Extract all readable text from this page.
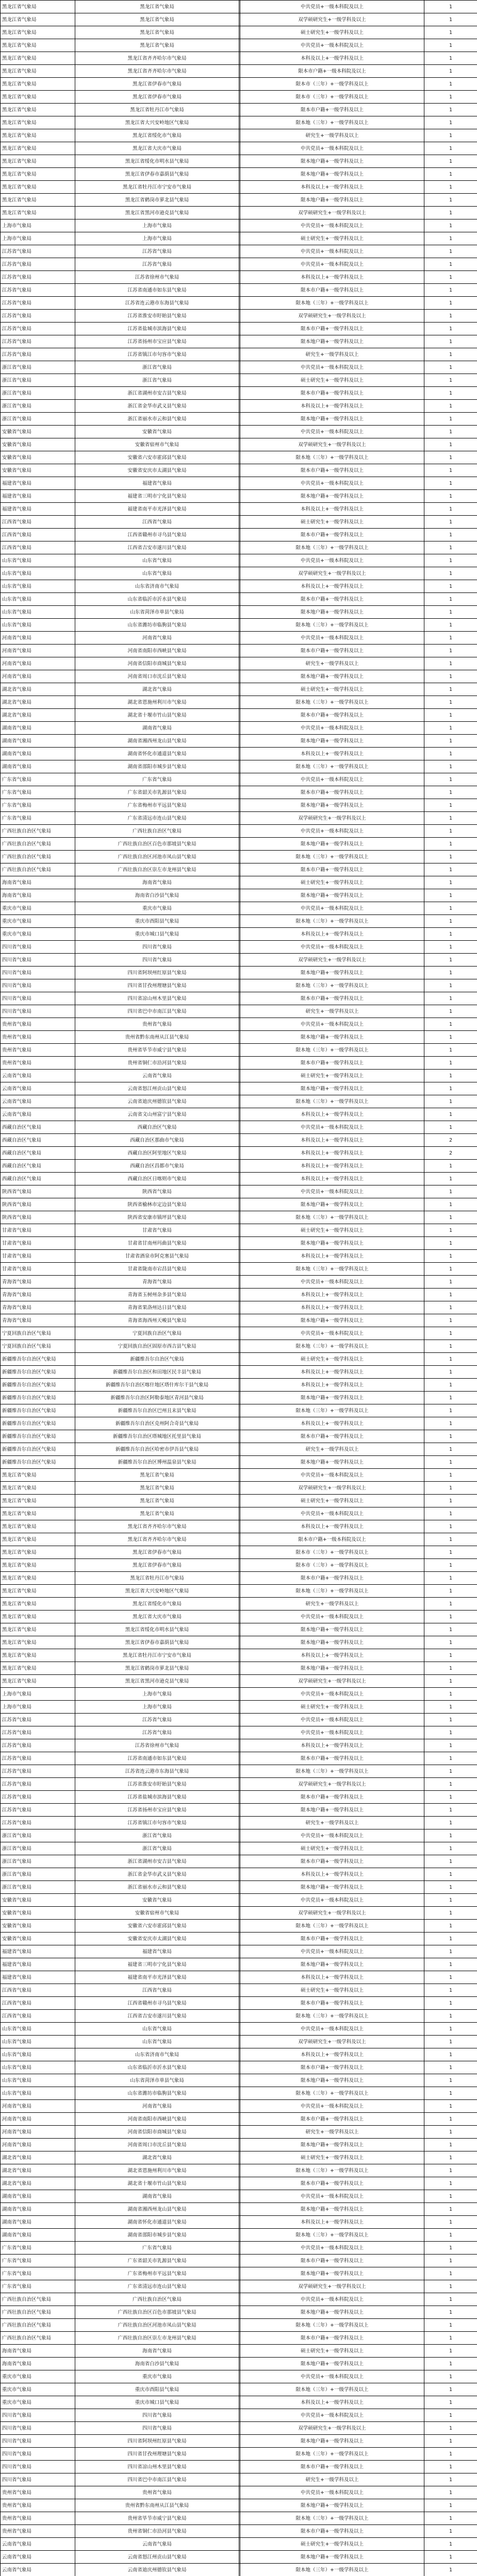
黑龙江省气象局	黑龙江省气象局		中共党员+一级本科院及以上	1
黑龙江省气象局	黑龙江省气象局		双学硕研究生+一级学科及以上	1
黑龙江省气象局	黑龙江省气象局		硕士研究生+一级学科及以上	1
黑龙江省气象局	黑龙江省气象局		中共党员+一级本科院及以上	1
黑龙江省气象局	黑龙江省齐齐哈尔市气象局		本科及以上+一级学科及以上	1
黑龙江省气象局	黑龙江省齐齐哈尔市气象局		限本市户籍+一级本科院及以上	1
黑龙江省气象局	黑龙江省伊春市气象局		限本市（三年）+一级学科及以上	1
黑龙江省气象局	黑龙江省伊春市气象局		限本市（三年）+一级学科及以上	1
黑龙江省气象局	黑龙江省牡丹江市气象局		限本市户籍+一级学科及以上	1
黑龙江省气象局	黑龙江省大兴安岭地区气象局		限本地（三年）+一级学科及以上	1
黑龙江省气象局	黑龙江省绥化市气象局		研究生+一级学科及以上	1
黑龙江省气象局	黑龙江省大庆市气象局		中共党员+一级本科院及以上	1
黑龙江省气象局	黑龙江省绥化市明水县气象局		限本地户籍+一级学科及以上	1
黑龙江省气象局	黑龙江省伊春市嘉荫县气象局		限本地户籍+一级学科及以上	1
黑龙江省气象局	黑龙江省牡丹江市宁安市气象局		本科及以上+一级学科及以上	1
黑龙江省气象局	黑龙江省鹤岗市萝北县气象局		限本地户籍+一级学科及以上	1
黑龙江省气象局	黑龙江省黑河市逊克县气象局		双学硕研究生+一级学科及以上	1
上海市气象局	上海市气象局		中共党员+一级本科院及以上	1
上海市气象局	上海市气象局		硕士研究生+一级学科及以上	1
江苏省气象局	江苏省气象局		中共党员+一级本科院及以上	1
江苏省气象局	江苏省气象局		中共党员+一级本科院及以上	1
江苏省气象局	江苏省徐州市气象局		本科及以上+一级学科及以上	1
江苏省气象局	江苏省南通市如东县气象局		限本市户籍+一级学科及以上	1
江苏省气象局	江苏省连云港市东海县气象局		限本地（三年）+一级学科及以上	1
江苏省气象局	江苏省淮安市盱眙县气象局		双学硕研究生+一级学科及以上	1
江苏省气象局	江苏省盐城市滨海县气象局		限本市户籍+一级学科及以上	1
江苏省气象局	江苏省扬州市宝应县气象局		限本地户籍+一级学科及以上	1
江苏省气象局	江苏省镇江市句容市气象局		研究生+一级学科及以上	1
浙江省气象局	浙江省气象局		中共党员+一级本科院及以上	1
浙江省气象局	浙江省气象局		硕士研究生+一级学科及以上	1
浙江省气象局	浙江省湖州市安吉县气象局		限本市户籍+一级学科及以上	1
浙江省气象局	浙江省金华市武义县气象局		本科及以上+一级学科及以上	1
浙江省气象局	浙江省丽水市云和县气象局		限本地户籍+一级学科及以上	1
安徽省气象局	安徽省气象局		中共党员+一级本科院及以上	1
安徽省气象局	安徽省宿州市气象局		双学硕研究生+一级学科及以上	1
安徽省气象局	安徽省六安市霍邱县气象局		限本地（三年）+一级学科及以上	1
安徽省气象局	安徽省安庆市太湖县气象局		限本市户籍+一级学科及以上	1
福建省气象局	福建省气象局		中共党员+一级本科院及以上	1
福建省气象局	福建省三明市宁化县气象局		限本地户籍+一级学科及以上	1
福建省气象局	福建省南平市光泽县气象局		本科及以上+一级学科及以上	1
江西省气象局	江西省气象局		硕士研究生+一级学科及以上	1
江西省气象局	江西省赣州市寻乌县气象局		限本市户籍+一级学科及以上	1
江西省气象局	江西省吉安市遂川县气象局		限本地（三年）+一级学科及以上	1
山东省气象局	山东省气象局		中共党员+一级本科院及以上	1
山东省气象局	山东省气象局		双学硕研究生+一级学科及以上	1
山东省气象局	山东省济南市气象局		本科及以上+一级学科及以上	1
山东省气象局	山东省临沂市沂水县气象局		限本市户籍+一级学科及以上	1
山东省气象局	山东省菏泽市单县气象局		限本地户籍+一级学科及以上	1
山东省气象局	山东省潍坊市临朐县气象局		限本地（三年）+一级学科及以上	1
河南省气象局	河南省气象局		中共党员+一级本科院及以上	1
河南省气象局	河南省南阳市西峡县气象局		限本市户籍+一级学科及以上	1
河南省气象局	河南省信阳市商城县气象局		研究生+一级学科及以上	1
河南省气象局	河南省周口市沈丘县气象局		限本地户籍+一级学科及以上	1
湖北省气象局	湖北省气象局		硕士研究生+一级学科及以上	1
湖北省气象局	湖北省恩施州利川市气象局		限本地（三年）+一级学科及以上	1
湖北省气象局	湖北省十堰市竹山县气象局		限本市户籍+一级学科及以上	1
湖南省气象局	湖南省气象局		中共党员+一级本科院及以上	1
湖南省气象局	湖南省湘西州龙山县气象局		限本地户籍+一级学科及以上	1
湖南省气象局	湖南省怀化市通道县气象局		本科及以上+一级学科及以上	1
湖南省气象局	湖南省邵阳市城步县气象局		限本地（三年）+一级学科及以上	1
广东省气象局	广东省气象局		中共党员+一级本科院及以上	1
广东省气象局	广东省韶关市乳源县气象局		限本市户籍+一级学科及以上	1
广东省气象局	广东省梅州市平远县气象局		限本地户籍+一级学科及以上	1
广东省气象局	广东省清远市连山县气象局		双学硕研究生+一级学科及以上	1
广西壮族自治区气象局	广西壮族自治区气象局		中共党员+一级本科院及以上	1
广西壮族自治区气象局	广西壮族自治区百色市那坡县气象局		限本地户籍+一级学科及以上	1
广西壮族自治区气象局	广西壮族自治区河池市凤山县气象局		限本地（三年）+一级学科及以上	1
广西壮族自治区气象局	广西壮族自治区崇左市龙州县气象局		限本市户籍+一级学科及以上	1
海南省气象局	海南省气象局		硕士研究生+一级学科及以上	1
海南省气象局	海南省白沙县气象局		限本地户籍+一级学科及以上	1
重庆市气象局	重庆市气象局		中共党员+一级本科院及以上	1
重庆市气象局	重庆市酉阳县气象局		限本地（三年）+一级学科及以上	1
重庆市气象局	重庆市城口县气象局		本科及以上+一级学科及以上	1
四川省气象局	四川省气象局		中共党员+一级本科院及以上	1
四川省气象局	四川省气象局		双学硕研究生+一级学科及以上	1
四川省气象局	四川省阿坝州红原县气象局		限本地户籍+一级学科及以上	1
四川省气象局	四川省甘孜州理塘县气象局		限本地（三年）+一级学科及以上	1
四川省气象局	四川省凉山州木里县气象局		限本市户籍+一级学科及以上	1
四川省气象局	四川省巴中市南江县气象局		研究生+一级学科及以上	1
贵州省气象局	贵州省气象局		中共党员+一级本科院及以上	1
贵州省气象局	贵州省黔东南州从江县气象局		限本地户籍+一级学科及以上	1
贵州省气象局	贵州省毕节市威宁县气象局		限本地（三年）+一级学科及以上	1
贵州省气象局	贵州省铜仁市沿河县气象局		限本市户籍+一级学科及以上	1
云南省气象局	云南省气象局		硕士研究生+一级学科及以上	1
云南省气象局	云南省怒江州贡山县气象局		限本地户籍+一级学科及以上	1
云南省气象局	云南省迪庆州德钦县气象局		限本地（三年）+一级学科及以上	1
云南省气象局	云南省文山州富宁县气象局		本科及以上+一级学科及以上	1
西藏自治区气象局	西藏自治区气象局		中共党员+一级本科院及以上	1
西藏自治区气象局	西藏自治区那曲市气象局		本科及以上+一级学科及以上	2
西藏自治区气象局	西藏自治区阿里地区气象局		本科及以上+一级学科及以上	2
西藏自治区气象局	西藏自治区昌都市气象局		本科及以上+一级学科及以上	1
西藏自治区气象局	西藏自治区日喀则市气象局		本科及以上+一级学科及以上	1
陕西省气象局	陕西省气象局		中共党员+一级本科院及以上	1
陕西省气象局	陕西省榆林市定边县气象局		限本地户籍+一级学科及以上	1
陕西省气象局	陕西省安康市镇坪县气象局		限本地（三年）+一级学科及以上	1
甘肃省气象局	甘肃省气象局		硕士研究生+一级学科及以上	1
甘肃省气象局	甘肃省甘南州玛曲县气象局		限本地户籍+一级学科及以上	1
甘肃省气象局	甘肃省酒泉市阿克塞县气象局		本科及以上+一级学科及以上	1
甘肃省气象局	甘肃省陇南市宕昌县气象局		限本地（三年）+一级学科及以上	1
青海省气象局	青海省气象局		中共党员+一级本科院及以上	1
青海省气象局	青海省玉树州杂多县气象局		本科及以上+一级学科及以上	1
青海省气象局	青海省果洛州达日县气象局		本科及以上+一级学科及以上	1
青海省气象局	青海省海西州天峻县气象局		限本地户籍+一级学科及以上	1
宁夏回族自治区气象局	宁夏回族自治区气象局		中共党员+一级本科院及以上	1
宁夏回族自治区气象局	宁夏回族自治区固原市西吉县气象局		限本地（三年）+一级学科及以上	1
新疆维吾尔自治区气象局	新疆维吾尔自治区气象局		硕士研究生+一级学科及以上	1
新疆维吾尔自治区气象局	新疆维吾尔自治区和田地区民丰县气象局		本科及以上+一级学科及以上	1
新疆维吾尔自治区气象局	新疆维吾尔自治区喀什地区塔什库尔干县气象局		本科及以上+一级学科及以上	1
新疆维吾尔自治区气象局	新疆维吾尔自治区阿勒泰地区青河县气象局		限本地户籍+一级学科及以上	1
新疆维吾尔自治区气象局	新疆维吾尔自治区巴州且末县气象局		限本地（三年）+一级学科及以上	1
新疆维吾尔自治区气象局	新疆维吾尔自治区克州阿合奇县气象局		本科及以上+一级学科及以上	1
新疆维吾尔自治区气象局	新疆维吾尔自治区塔城地区托里县气象局		限本市户籍+一级学科及以上	1
新疆维吾尔自治区气象局	新疆维吾尔自治区哈密市伊吾县气象局		研究生+一级学科及以上	1
新疆维吾尔自治区气象局	新疆维吾尔自治区博州温泉县气象局		限本地户籍+一级学科及以上	1
黑龙江省气象局	黑龙江省气象局		中共党员+一级本科院及以上	1
黑龙江省气象局	黑龙江省气象局		双学硕研究生+一级学科及以上	1
黑龙江省气象局	黑龙江省气象局		硕士研究生+一级学科及以上	1
黑龙江省气象局	黑龙江省气象局		中共党员+一级本科院及以上	1
黑龙江省气象局	黑龙江省齐齐哈尔市气象局		本科及以上+一级学科及以上	1
黑龙江省气象局	黑龙江省齐齐哈尔市气象局		限本市户籍+一级本科院及以上	1
黑龙江省气象局	黑龙江省伊春市气象局		限本市（三年）+一级学科及以上	1
黑龙江省气象局	黑龙江省伊春市气象局		限本市（三年）+一级学科及以上	1
黑龙江省气象局	黑龙江省牡丹江市气象局		限本市户籍+一级学科及以上	1
黑龙江省气象局	黑龙江省大兴安岭地区气象局		限本地（三年）+一级学科及以上	1
黑龙江省气象局	黑龙江省绥化市气象局		研究生+一级学科及以上	1
黑龙江省气象局	黑龙江省大庆市气象局		中共党员+一级本科院及以上	1
黑龙江省气象局	黑龙江省绥化市明水县气象局		限本地户籍+一级学科及以上	1
黑龙江省气象局	黑龙江省伊春市嘉荫县气象局		限本地户籍+一级学科及以上	1
黑龙江省气象局	黑龙江省牡丹江市宁安市气象局		本科及以上+一级学科及以上	1
黑龙江省气象局	黑龙江省鹤岗市萝北县气象局		限本地户籍+一级学科及以上	1
黑龙江省气象局	黑龙江省黑河市逊克县气象局		双学硕研究生+一级学科及以上	1
上海市气象局	上海市气象局		中共党员+一级本科院及以上	1
上海市气象局	上海市气象局		硕士研究生+一级学科及以上	1
江苏省气象局	江苏省气象局		中共党员+一级本科院及以上	1
江苏省气象局	江苏省气象局		中共党员+一级本科院及以上	1
江苏省气象局	江苏省徐州市气象局		本科及以上+一级学科及以上	1
江苏省气象局	江苏省南通市如东县气象局		限本市户籍+一级学科及以上	1
江苏省气象局	江苏省连云港市东海县气象局		限本地（三年）+一级学科及以上	1
江苏省气象局	江苏省淮安市盱眙县气象局		双学硕研究生+一级学科及以上	1
江苏省气象局	江苏省盐城市滨海县气象局		限本市户籍+一级学科及以上	1
江苏省气象局	江苏省扬州市宝应县气象局		限本地户籍+一级学科及以上	1
江苏省气象局	江苏省镇江市句容市气象局		研究生+一级学科及以上	1
浙江省气象局	浙江省气象局		中共党员+一级本科院及以上	1
浙江省气象局	浙江省气象局		硕士研究生+一级学科及以上	1
浙江省气象局	浙江省湖州市安吉县气象局		限本市户籍+一级学科及以上	1
浙江省气象局	浙江省金华市武义县气象局		本科及以上+一级学科及以上	1
浙江省气象局	浙江省丽水市云和县气象局		限本地户籍+一级学科及以上	1
安徽省气象局	安徽省气象局		中共党员+一级本科院及以上	1
安徽省气象局	安徽省宿州市气象局		双学硕研究生+一级学科及以上	1
安徽省气象局	安徽省六安市霍邱县气象局		限本地（三年）+一级学科及以上	1
安徽省气象局	安徽省安庆市太湖县气象局		限本市户籍+一级学科及以上	1
福建省气象局	福建省气象局		中共党员+一级本科院及以上	1
福建省气象局	福建省三明市宁化县气象局		限本地户籍+一级学科及以上	1
福建省气象局	福建省南平市光泽县气象局		本科及以上+一级学科及以上	1
江西省气象局	江西省气象局		硕士研究生+一级学科及以上	1
江西省气象局	江西省赣州市寻乌县气象局		限本市户籍+一级学科及以上	1
江西省气象局	江西省吉安市遂川县气象局		限本地（三年）+一级学科及以上	1
山东省气象局	山东省气象局		中共党员+一级本科院及以上	1
山东省气象局	山东省气象局		双学硕研究生+一级学科及以上	1
山东省气象局	山东省济南市气象局		本科及以上+一级学科及以上	1
山东省气象局	山东省临沂市沂水县气象局		限本市户籍+一级学科及以上	1
山东省气象局	山东省菏泽市单县气象局		限本地户籍+一级学科及以上	1
山东省气象局	山东省潍坊市临朐县气象局		限本地（三年）+一级学科及以上	1
河南省气象局	河南省气象局		中共党员+一级本科院及以上	1
河南省气象局	河南省南阳市西峡县气象局		限本市户籍+一级学科及以上	1
河南省气象局	河南省信阳市商城县气象局		研究生+一级学科及以上	1
河南省气象局	河南省周口市沈丘县气象局		限本地户籍+一级学科及以上	1
湖北省气象局	湖北省气象局		硕士研究生+一级学科及以上	1
湖北省气象局	湖北省恩施州利川市气象局		限本地（三年）+一级学科及以上	1
湖北省气象局	湖北省十堰市竹山县气象局		限本市户籍+一级学科及以上	1
湖南省气象局	湖南省气象局		中共党员+一级本科院及以上	1
湖南省气象局	湖南省湘西州龙山县气象局		限本地户籍+一级学科及以上	1
湖南省气象局	湖南省怀化市通道县气象局		本科及以上+一级学科及以上	1
湖南省气象局	湖南省邵阳市城步县气象局		限本地（三年）+一级学科及以上	1
广东省气象局	广东省气象局		中共党员+一级本科院及以上	1
广东省气象局	广东省韶关市乳源县气象局		限本市户籍+一级学科及以上	1
广东省气象局	广东省梅州市平远县气象局		限本地户籍+一级学科及以上	1
广东省气象局	广东省清远市连山县气象局		双学硕研究生+一级学科及以上	1
广西壮族自治区气象局	广西壮族自治区气象局		中共党员+一级本科院及以上	1
广西壮族自治区气象局	广西壮族自治区百色市那坡县气象局		限本地户籍+一级学科及以上	1
广西壮族自治区气象局	广西壮族自治区河池市凤山县气象局		限本地（三年）+一级学科及以上	1
广西壮族自治区气象局	广西壮族自治区崇左市龙州县气象局		限本市户籍+一级学科及以上	1
海南省气象局	海南省气象局		硕士研究生+一级学科及以上	1
海南省气象局	海南省白沙县气象局		限本地户籍+一级学科及以上	1
重庆市气象局	重庆市气象局		中共党员+一级本科院及以上	1
重庆市气象局	重庆市酉阳县气象局		限本地（三年）+一级学科及以上	1
重庆市气象局	重庆市城口县气象局		本科及以上+一级学科及以上	1
四川省气象局	四川省气象局		中共党员+一级本科院及以上	1
四川省气象局	四川省气象局		双学硕研究生+一级学科及以上	1
四川省气象局	四川省阿坝州红原县气象局		限本地户籍+一级学科及以上	1
四川省气象局	四川省甘孜州理塘县气象局		限本地（三年）+一级学科及以上	1
四川省气象局	四川省凉山州木里县气象局		限本市户籍+一级学科及以上	1
四川省气象局	四川省巴中市南江县气象局		研究生+一级学科及以上	1
贵州省气象局	贵州省气象局		中共党员+一级本科院及以上	1
贵州省气象局	贵州省黔东南州从江县气象局		限本地户籍+一级学科及以上	1
贵州省气象局	贵州省毕节市威宁县气象局		限本地（三年）+一级学科及以上	1
贵州省气象局	贵州省铜仁市沿河县气象局		限本市户籍+一级学科及以上	1
云南省气象局	云南省气象局		硕士研究生+一级学科及以上	1
云南省气象局	云南省怒江州贡山县气象局		限本地户籍+一级学科及以上	1
云南省气象局	云南省迪庆州德钦县气象局		限本地（三年）+一级学科及以上	1
